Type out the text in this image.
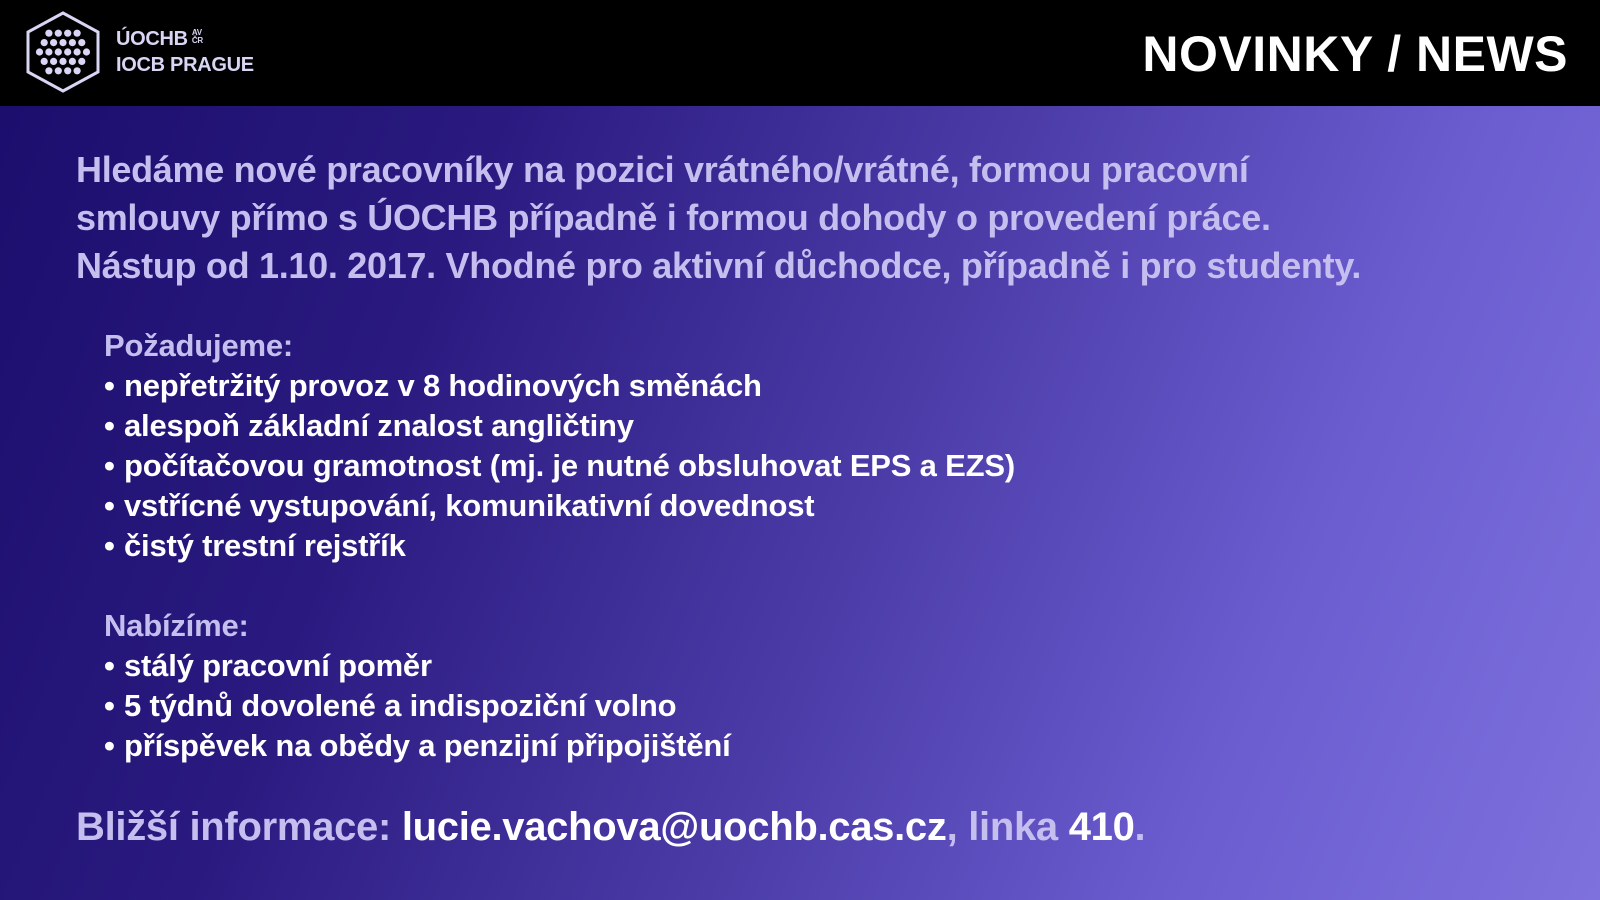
ÚOCHB AV
ČR
IOCB PRAGUE	NOVINKY / NEWS
Hledáme nové pracovníky na pozici vrátného/vrátné, formou pracovní
smlouvy přímo s ÚOCHB případně i formou dohody o provedení práce.
Nástup od 1.10. 2017. Vhodné pro aktivní důchodce, případně i pro studenty.
Požadujeme:
• nepřetržitý provoz v 8 hodinových směnách
• alespoň základní znalost angličtiny
• počítačovou gramotnost (mj. je nutné obsluhovat EPS a EZS)
• vstřícné vystupování, komunikativní dovednost
• čistý trestní rejstřík
Nabízíme:
• stálý pracovní poměr
• 5 týdnů dovolené a indispoziční volno
• příspěvek na obědy a penzijní připojištění
Bližší informace: lucie.vachova@uochb.cas.cz, linka 410.
